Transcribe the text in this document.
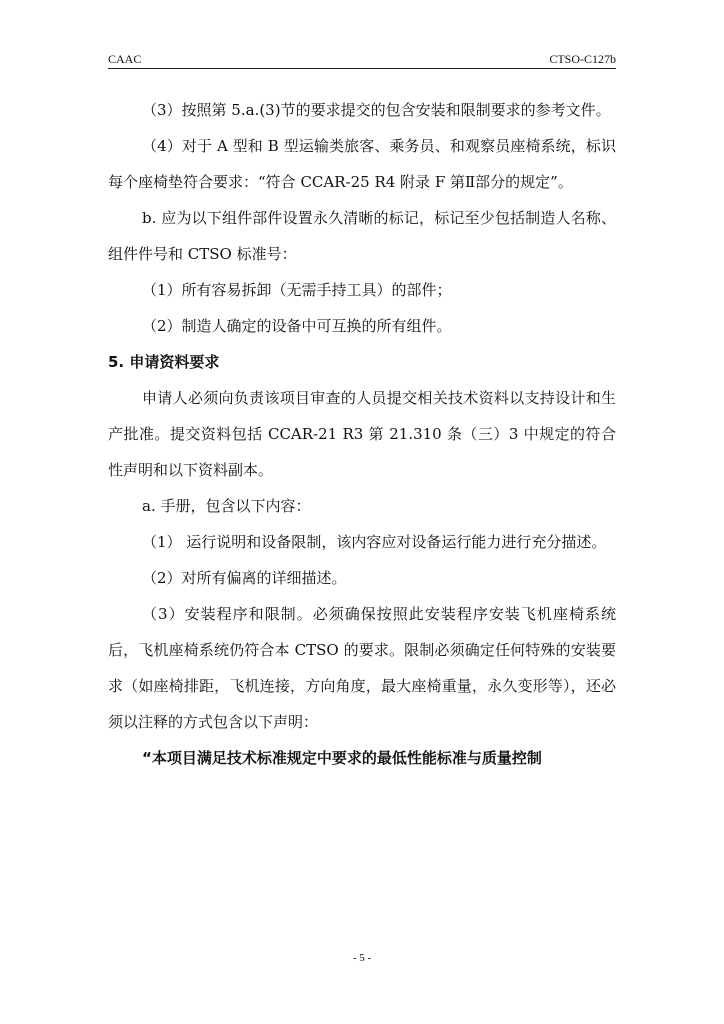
CAAC	CTSO-C127b

（3）按照第 5.a.(3)节的要求提交的包含安装和限制要求的参考文件。

（4）对于 A 型和 B 型运输类旅客、乘务员、和观察员座椅系统，标识每个座椅垫符合要求：“符合 CCAR-25 R4 附录 F 第Ⅱ部分的规定”。

b. 应为以下组件部件设置永久清晰的标记，标记至少包括制造人名称、组件件号和 CTSO 标准号：

（1）所有容易拆卸（无需手持工具）的部件；

（2）制造人确定的设备中可互换的所有组件。

5. 申请资料要求

申请人必须向负责该项目审查的人员提交相关技术资料以支持设计和生产批准。提交资料包括 CCAR-21 R3 第 21.310 条（三）3 中规定的符合性声明和以下资料副本。

a. 手册，包含以下内容：

（1） 运行说明和设备限制，该内容应对设备运行能力进行充分描述。

（2）对所有偏离的详细描述。

（3）安装程序和限制。必须确保按照此安装程序安装飞机座椅系统后，飞机座椅系统仍符合本 CTSO 的要求。限制必须确定任何特殊的安装要求（如座椅排距，飞机连接，方向角度，最大座椅重量，永久变形等），还必须以注释的方式包含以下声明：

“本项目满足技术标准规定中要求的最低性能标准与质量控制

- 5 -
